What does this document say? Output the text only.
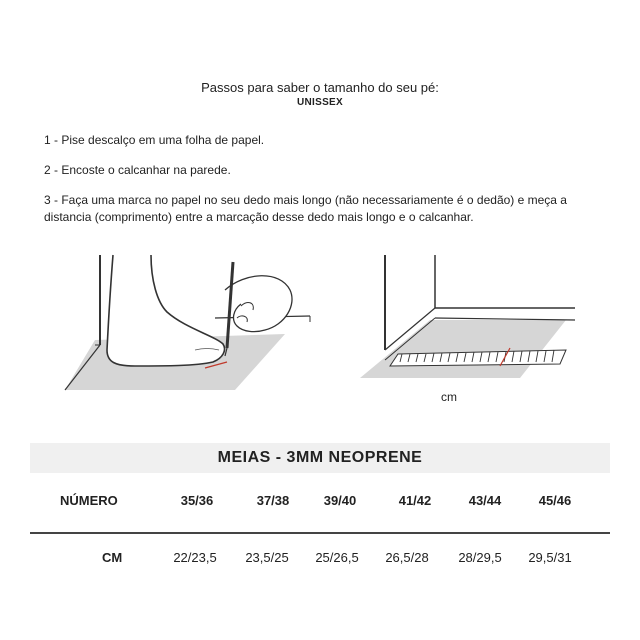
Passos para saber o tamanho do seu pé:
UNISSEX
1 - Pise descalço em uma folha de papel.
2 - Encoste o calcanhar na parede.
3 - Faça uma marca no papel no seu dedo mais longo (não necessariamente é o dedão) e meça a distancia (comprimento) entre a marcação desse dedo mais longo e o calcanhar.
cm
MEIAS - 3MM NEOPRENE
NÚMERO	35/36	37/38	39/40	41/42	43/44	45/46
CM	22/23,5	23,5/25	25/26,5	26,5/28	28/29,5	29,5/31
